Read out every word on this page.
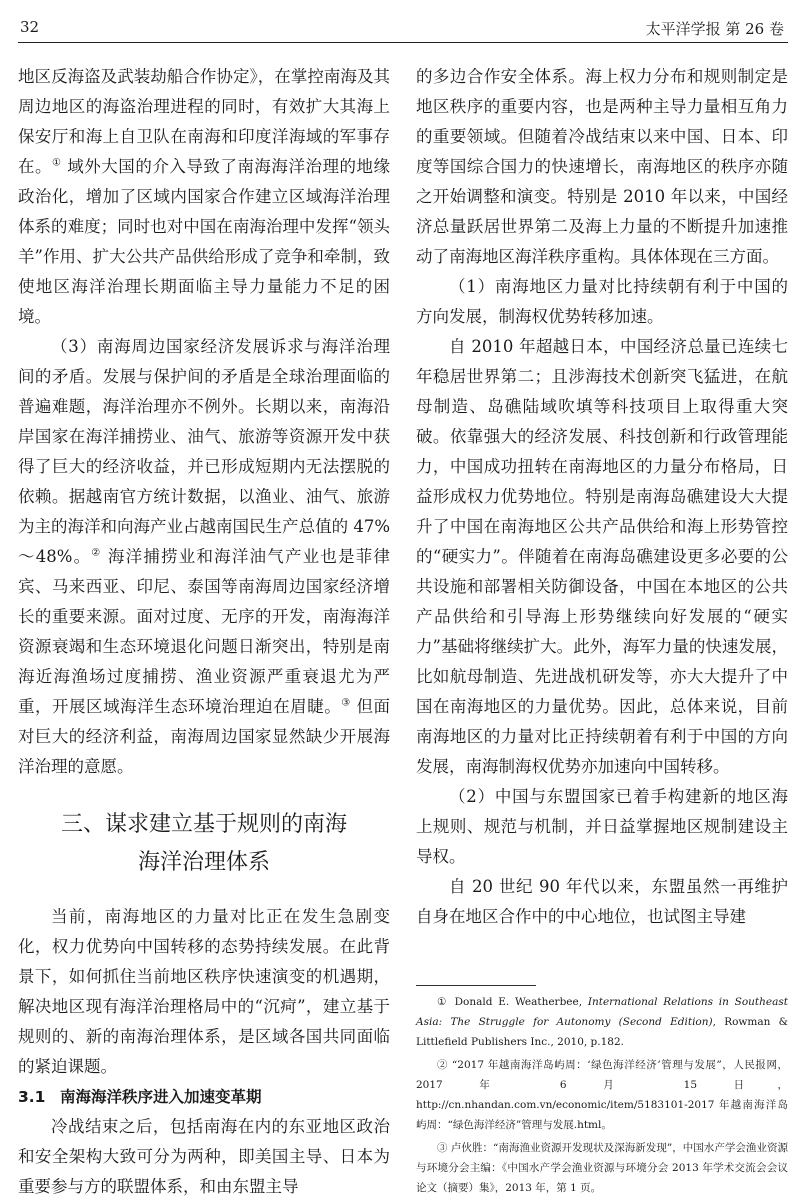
32	太平洋学报 第 26 卷

地区反海盗及武装劫船合作协定》，在掌控南海及其周边地区的海盗治理进程的同时，有效扩大其海上保安厅和海上自卫队在南海和印度洋海域的军事存在。① 域外大国的介入导致了南海海洋治理的地缘政治化，增加了区域内国家合作建立区域海洋治理体系的难度；同时也对中国在南海治理中发挥“领头羊”作用、扩大公共产品供给形成了竞争和牵制，致使地区海洋治理长期面临主导力量能力不足的困境。

（3）南海周边国家经济发展诉求与海洋治理间的矛盾。发展与保护间的矛盾是全球治理面临的普遍难题，海洋治理亦不例外。长期以来，南海沿岸国家在海洋捕捞业、油气、旅游等资源开发中获得了巨大的经济收益，并已形成短期内无法摆脱的依赖。据越南官方统计数据，以渔业、油气、旅游为主的海洋和向海产业占越南国民生产总值的 47%～48%。② 海洋捕捞业和海洋油气产业也是菲律宾、马来西亚、印尼、泰国等南海周边国家经济增长的重要来源。面对过度、无序的开发，南海海洋资源衰竭和生态环境退化问题日渐突出，特别是南海近海渔场过度捕捞、渔业资源严重衰退尤为严重，开展区域海洋生态环境治理迫在眉睫。③ 但面对巨大的经济利益，南海周边国家显然缺少开展海洋治理的意愿。

三、谋求建立基于规则的南海
海洋治理体系

当前，南海地区的力量对比正在发生急剧变化，权力优势向中国转移的态势持续发展。在此背景下，如何抓住当前地区秩序快速演变的机遇期，解决地区现有海洋治理格局中的“沉疴”，建立基于规则的、新的南海治理体系，是区域各国共同面临的紧迫课题。

3.1 南海海洋秩序进入加速变革期

冷战结束之后，包括南海在内的东亚地区政治和安全架构大致可分为两种，即美国主导、日本为重要参与方的联盟体系，和由东盟主导

的多边合作安全体系。海上权力分布和规则制定是地区秩序的重要内容，也是两种主导力量相互角力的重要领域。但随着冷战结束以来中国、日本、印度等国综合国力的快速增长，南海地区的秩序亦随之开始调整和演变。特别是 2010 年以来，中国经济总量跃居世界第二及海上力量的不断提升加速推动了南海地区海洋秩序重构。具体体现在三方面。

（1）南海地区力量对比持续朝有利于中国的方向发展，制海权优势转移加速。

自 2010 年超越日本，中国经济总量已连续七年稳居世界第二；且涉海技术创新突飞猛进，在航母制造、岛礁陆域吹填等科技项目上取得重大突破。依靠强大的经济发展、科技创新和行政管理能力，中国成功扭转在南海地区的力量分布格局，日益形成权力优势地位。特别是南海岛礁建设大大提升了中国在南海地区公共产品供给和海上形势管控的“硬实力”。伴随着在南海岛礁建设更多必要的公共设施和部署相关防御设备，中国在本地区的公共产品供给和引导海上形势继续向好发展的“硬实力”基础将继续扩大。此外，海军力量的快速发展，比如航母制造、先进战机研发等，亦大大提升了中国在南海地区的力量优势。因此，总体来说，目前南海地区的力量对比正持续朝着有利于中国的方向发展，南海制海权优势亦加速向中国转移。

（2）中国与东盟国家已着手构建新的地区海上规则、规范与机制，并日益掌握地区规制建设主导权。

自 20 世纪 90 年代以来，东盟虽然一再维护自身在地区合作中的中心地位，也试图主导建

① Donald E. Weatherbee, International Relations in Southeast Asia: The Struggle for Autonomy (Second Edition), Rowman & Littlefield Publishers Inc., 2010, p.182.

② “2017 年越南海洋岛屿周：‘绿色海洋经济’管理与发展”，人民报网，2017 年 6 月 15 日，http://cn.nhandan.com.vn/economic/item/5183101-2017 年越南海洋岛屿周：“绿色海洋经济”管理与发展.html。

③ 卢伙胜：“南海渔业资源开发现状及深海新发现”，中国水产学会渔业资源与环境分会主编：《中国水产学会渔业资源与环境分会 2013 年学术交流会会议论文（摘要）集》，2013 年，第 1 页。
